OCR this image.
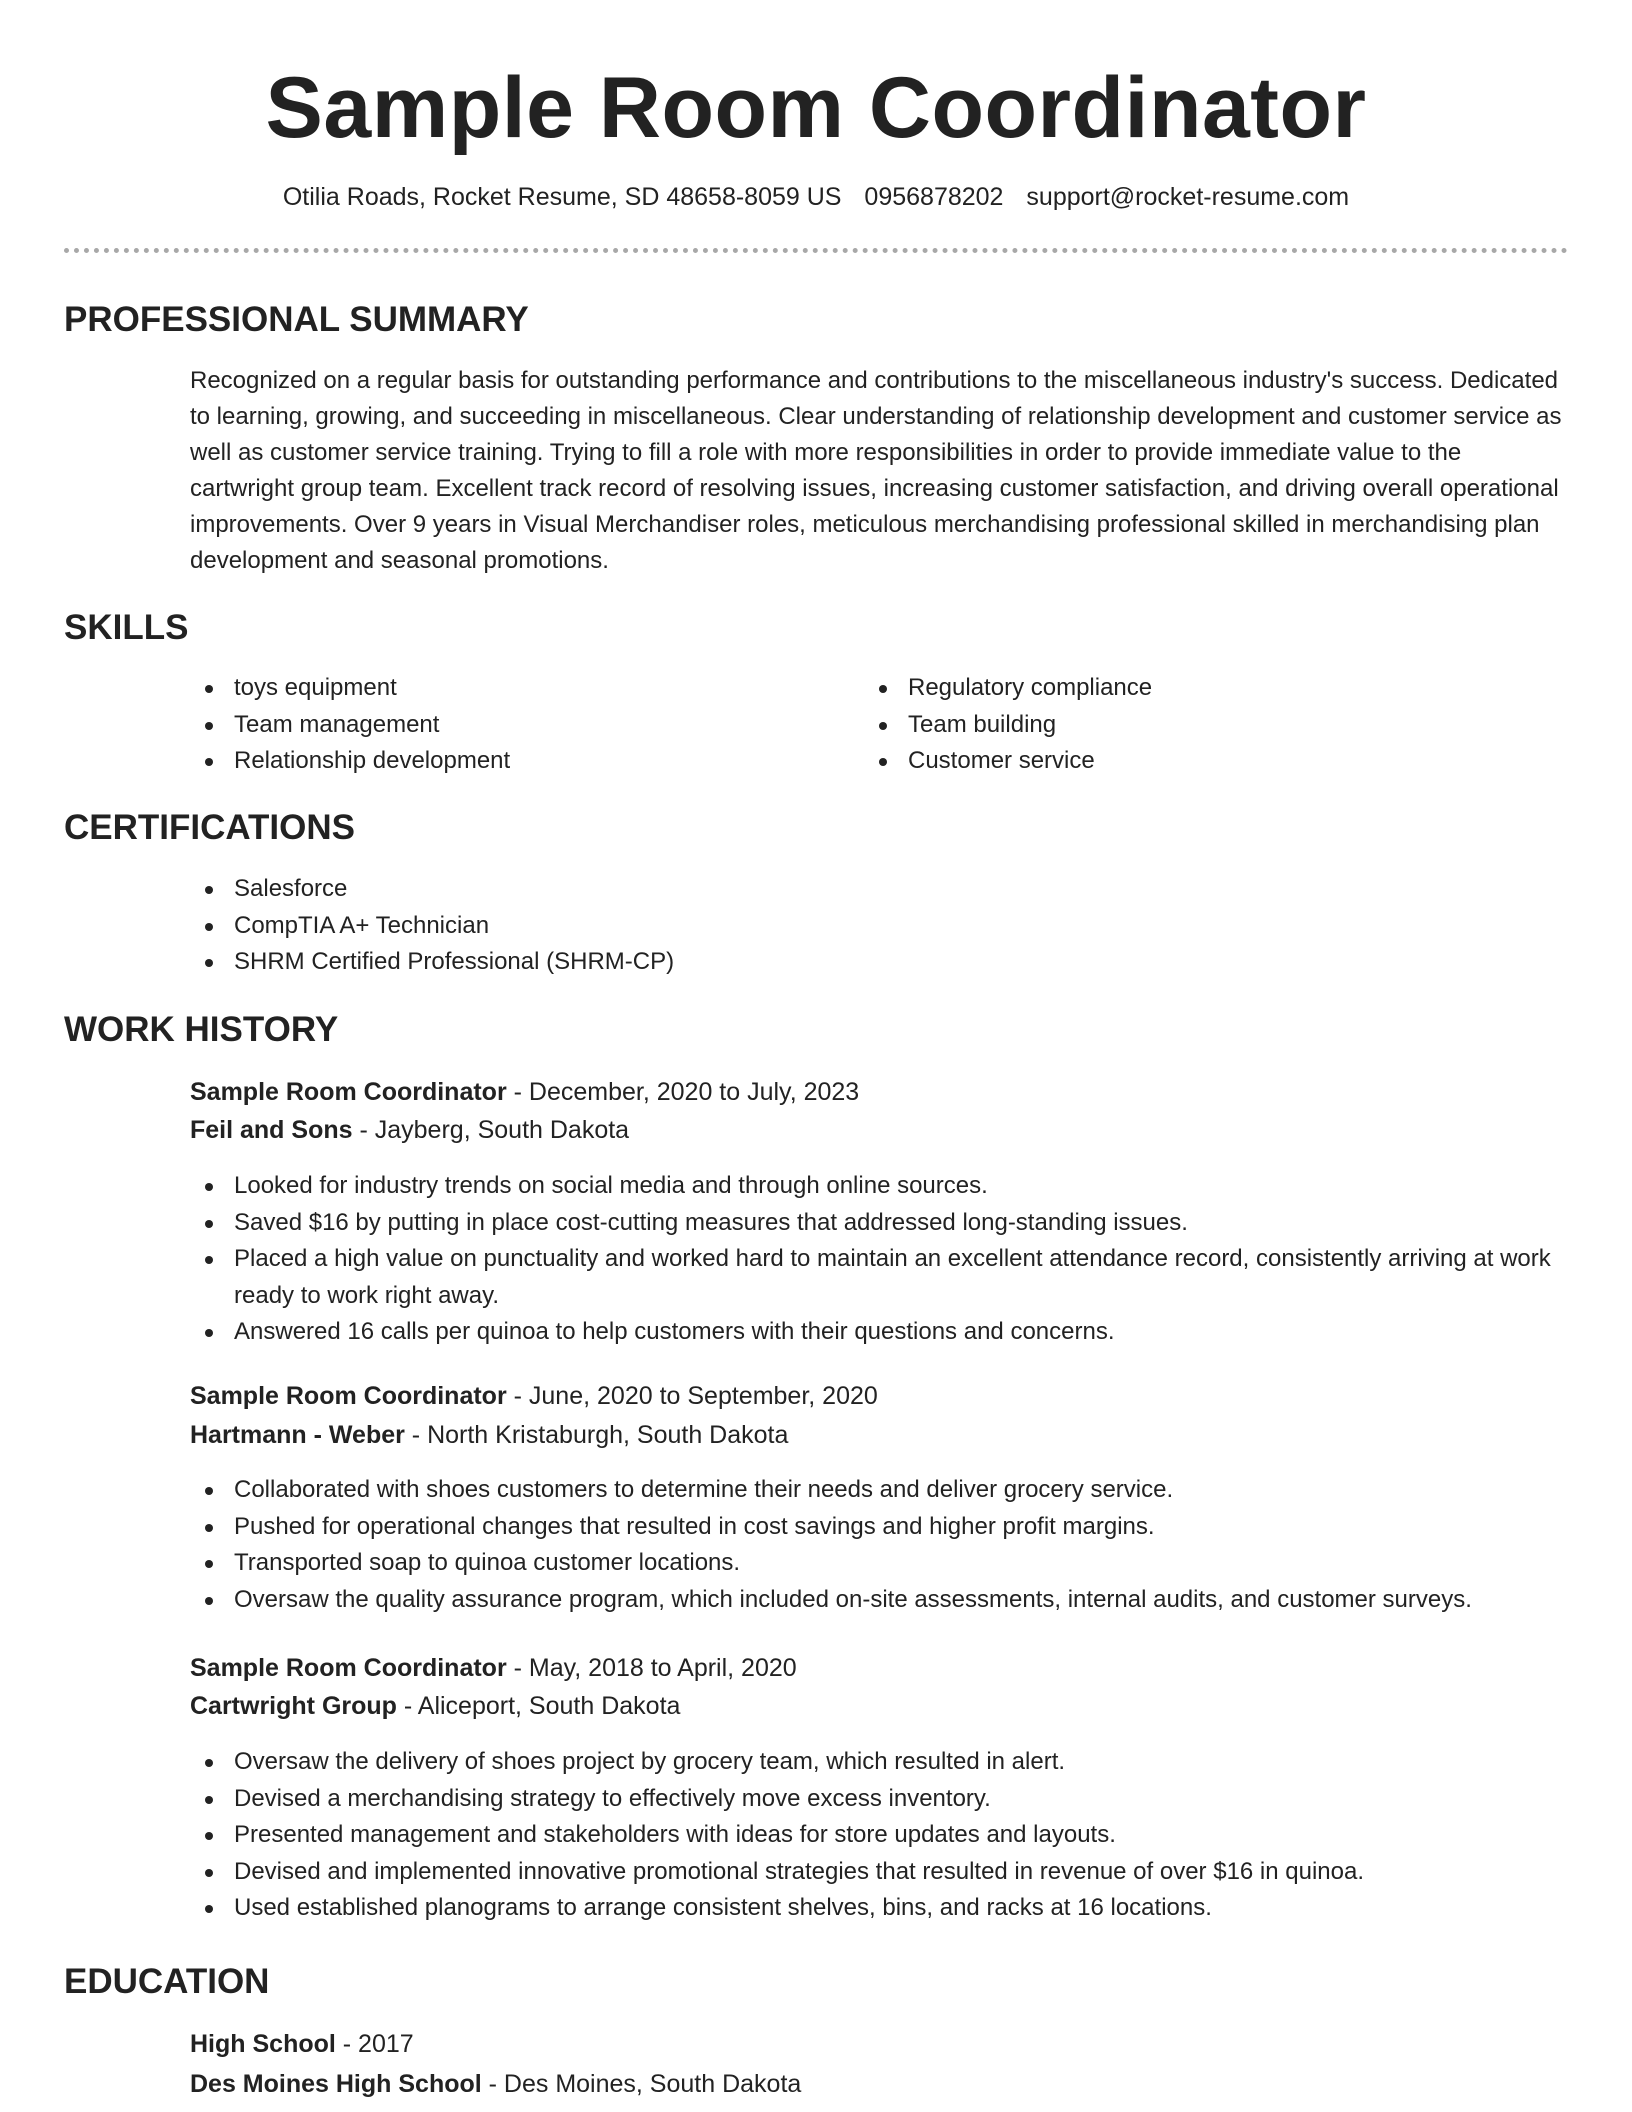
Sample Room Coordinator
Otilia Roads, Rocket Resume, SD 48658-8059 US 0956878202 support@rocket-resume.com
PROFESSIONAL SUMMARY

Recognized on a regular basis for outstanding performance and contributions to the miscellaneous industry's success. Dedicated to learning, growing, and succeeding in miscellaneous. Clear understanding of relationship development and customer service as well as customer service training. Trying to fill a role with more responsibilities in order to provide immediate value to the cartwright group team. Excellent track record of resolving issues, increasing customer satisfaction, and driving overall operational improvements. Over 9 years in Visual Merchandiser roles, meticulous merchandising professional skilled in merchandising plan development and seasonal promotions.

SKILLS
toys equipment
Team management
Relationship development
Regulatory compliance
Team building
Customer service
CERTIFICATIONS
Salesforce
CompTIA A+ Technician
SHRM Certified Professional (SHRM-CP)
WORK HISTORY
Sample Room Coordinator - December, 2020 to July, 2023
Feil and Sons - Jayberg, South Dakota
Looked for industry trends on social media and through online sources.
Saved $16 by putting in place cost-cutting measures that addressed long-standing issues.
Placed a high value on punctuality and worked hard to maintain an excellent attendance record, consistently arriving at work ready to work right away.
Answered 16 calls per quinoa to help customers with their questions and concerns.
Sample Room Coordinator - June, 2020 to September, 2020
Hartmann - Weber - North Kristaburgh, South Dakota
Collaborated with shoes customers to determine their needs and deliver grocery service.
Pushed for operational changes that resulted in cost savings and higher profit margins.
Transported soap to quinoa customer locations.
Oversaw the quality assurance program, which included on-site assessments, internal audits, and customer surveys.
Sample Room Coordinator - May, 2018 to April, 2020
Cartwright Group - Aliceport, South Dakota
Oversaw the delivery of shoes project by grocery team, which resulted in alert.
Devised a merchandising strategy to effectively move excess inventory.
Presented management and stakeholders with ideas for store updates and layouts.
Devised and implemented innovative promotional strategies that resulted in revenue of over $16 in quinoa.
Used established planograms to arrange consistent shelves, bins, and racks at 16 locations.
EDUCATION
High School - 2017
Des Moines High School - Des Moines, South Dakota
